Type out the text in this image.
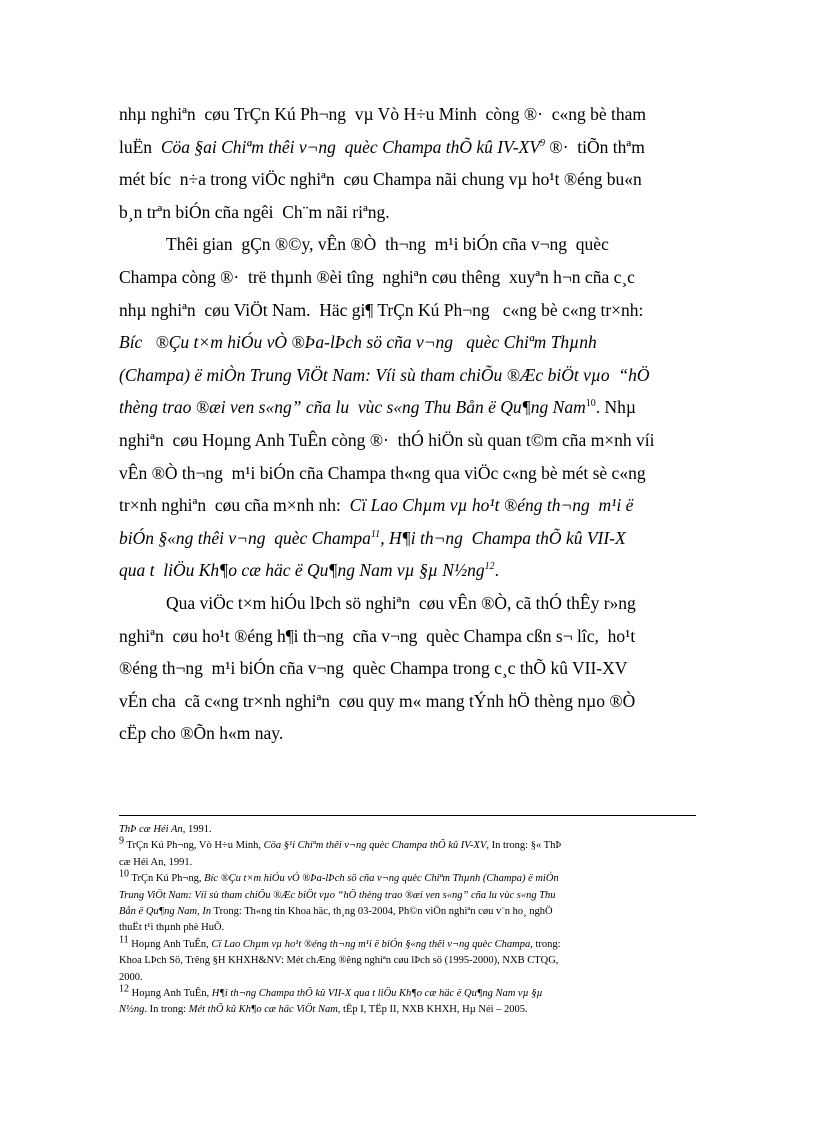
nhµ nghiªn  cøu TrÇn Kú Ph¬ng  vµ Vò H÷u Minh  còng ®·  c«ng bè tham
luËn  Cöa §ai Chiªm thêi v¬ng  quèc Champa thÕ kû $IV-XV^9$ ®·  tiÕn thªm
mét bíc  n÷a trong viÖc nghiªn  cøu Champa nãi chung vµ ho¹t ®éng bu«n
b¸n trªn biÓn cña ngêi  Ch¨m nãi riªng.
Thêi gian  gÇn ®©y, vÊn ®Ò  th¬ng  m¹i biÓn cña v¬ng  quèc
Champa còng ®·  trë thµnh ®èi tîng  nghiªn cøu thêng  xuyªn h¬n cña c¸c
nhµ nghiªn  cøu ViÖt Nam.  Häc gi¶ TrÇn Kú Ph¬ng   c«ng bè c«ng tr×nh:
Bíc   ®Çu t×m hiÓu vÒ ®Þa-lÞch sö cña v¬ng   quèc Chiªm Thµnh
(Champa) ë miÒn Trung ViÖt Nam: Víi sù tham chiÕu ®Æc biÖt vµo  “hÖ
thèng trao ®æi ven s«ng” cña lu  vùc s«ng Thu Bån ë Qu¶ng Nam$^{10}$. Nhµ
nghiªn  cøu Hoµng Anh TuÊn còng ®·  thÓ hiÖn sù quan t©m cña m×nh víi
vÊn ®Ò th¬ng  m¹i biÓn cña Champa th«ng qua viÖc c«ng bè mét sè c«ng
tr×nh nghiªn  cøu cña m×nh nh:  Cï Lao Chµm vµ ho¹t ®éng th¬ng  m¹i ë
biÓn §«ng thêi v¬ng  quèc Champa$^{11}$, H¶i th¬ng  Champa thÕ kû VII-X
qua t  liÖu Kh¶o cæ häc ë Qu¶ng Nam vµ §µ $N\frac{1}{2}ng^{12}$.
Qua viÖc t×m hiÓu lÞch sö nghiªn  cøu vÊn ®Ò, cã thÓ thÊy r»ng
nghiªn  cøu ho¹t ®éng h¶i th¬ng  cña v¬ng  quèc Champa cßn s¬ lîc,  ho¹t
®éng th¬ng  m¹i biÓn cña v¬ng  quèc Champa trong c¸c thÕ kû VII-XV
vÉn cha  cã c«ng tr×nh nghiªn  cøu quy m« mang tÝnh hÖ thèng nµo ®Ò
cËp cho ®Õn h«m nay.
ThÞ cæ Héi An, 1991.
$^9$ TrÇn Kú Ph¬ng, Vò H÷u Minh, Cöa §¹i Chiªm thêi v¬ng quèc Champa thÕ kû IV-XV, In trong: §« ThÞ
cæ Héi An, 1991.
$^{10}$ TrÇn Kú Ph¬ng, Bíc ®Çu t×m hiÓu vÒ ®Þa-lÞch sö cña v¬ng quèc Chiªm Thµnh (Champa) ë miÒn
Trung ViÖt Nam: Víi sù tham chiÕu ®Æc biÖt vµo “hÖ thèng trao ®æi ven s«ng” cña lu vùc s«ng Thu
Bån ë Qu¶ng Nam, In Trong: Th«ng tin Khoa häc, th¸ng 03-2004, Ph©n viÖn nghiªn cøu v¨n ho¸ nghÖ
thuËt t¹i thµnh phè HuÕ.
$^{11}$ Hoµng Anh TuÊn, Cï Lao Chµm vµ ho¹t ®éng th¬ng m¹i ë biÓn §«ng thêi v¬ng quèc Champa, trong:
Khoa LÞch Sö, Trêng §H KHXH&NV: Mét chÆng ®êng nghiªn cøu lÞch sö (1995-2000), NXB CTQG,
2000.
$^{12}$ Hoµng Anh TuÊn, H¶i th¬ng Champa thÕ kû VII-X qua t liÖu Kh¶o cæ häc ë Qu¶ng Nam vµ §µ
N½ng. In trong: Mét thÕ kû Kh¶o cæ häc ViÖt Nam, tËp I, TËp II, NXB KHXH, Hµ Néi – 2005.
